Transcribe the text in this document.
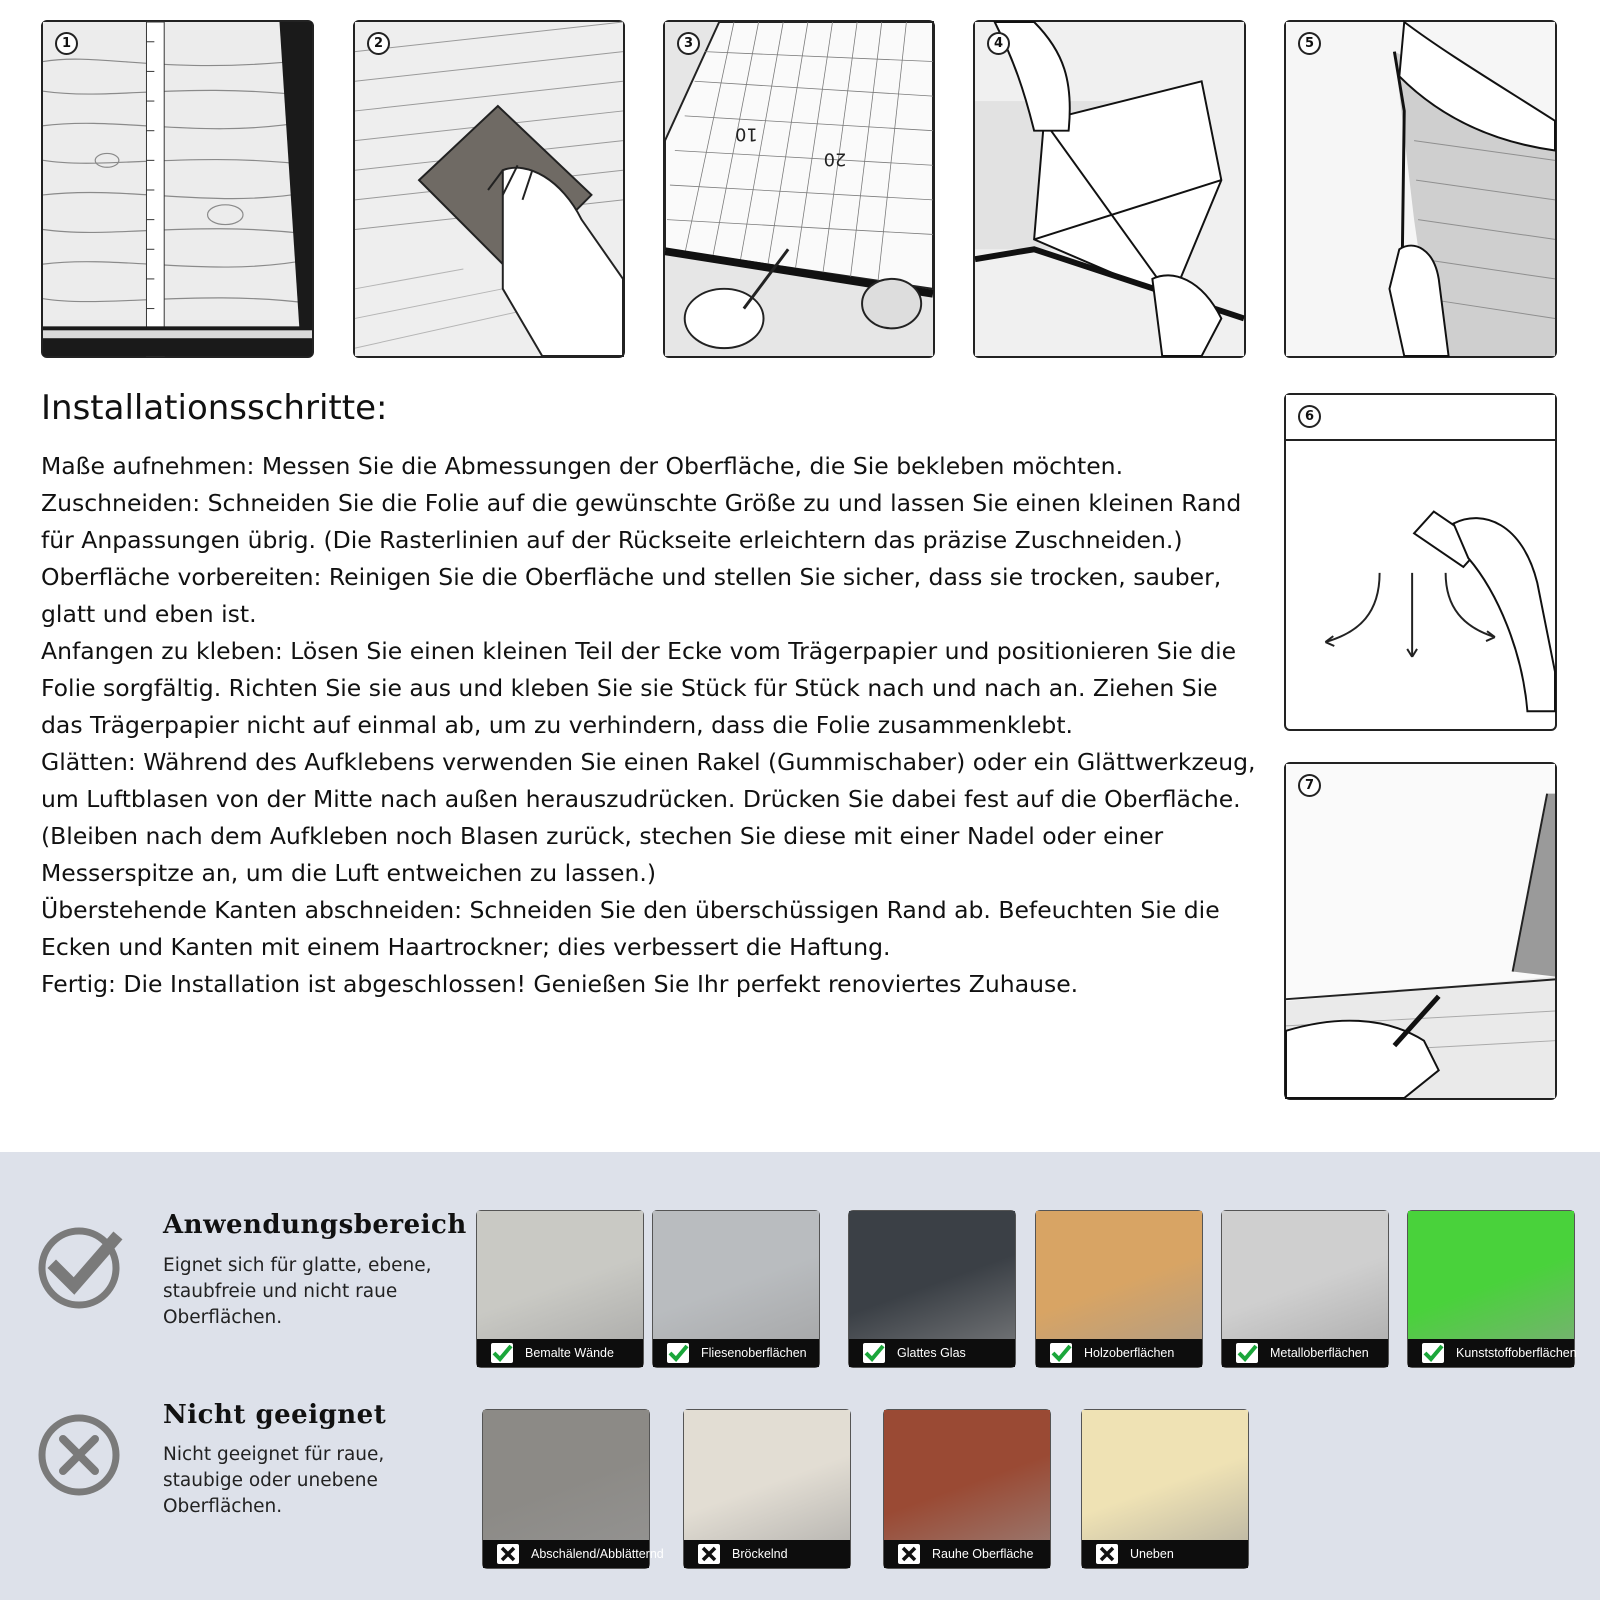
1	2
10
20
3	4	5
6
7
Installationsschritte:

Maße aufnehmen: Messen Sie die Abmessungen der Oberfläche, die Sie bekleben möchten.

Zuschneiden: Schneiden Sie die Folie auf die gewünschte Größe zu und lassen Sie einen kleinen Rand für Anpassungen übrig. (Die Rasterlinien auf der Rückseite erleichtern das präzise Zuschneiden.)

Oberfläche vorbereiten: Reinigen Sie die Oberfläche und stellen Sie sicher, dass sie trocken, sauber, glatt und eben ist.

Anfangen zu kleben: Lösen Sie einen kleinen Teil der Ecke vom Trägerpapier und positionieren Sie die Folie sorgfältig. Richten Sie sie aus und kleben Sie sie Stück für Stück nach und nach an. Ziehen Sie das Trägerpapier nicht auf einmal ab, um zu verhindern, dass die Folie zusammenklebt.

Glätten: Während des Aufklebens verwenden Sie einen Rakel (Gummischaber) oder ein Glättwerkzeug, um Luftblasen von der Mitte nach außen herauszudrücken. Drücken Sie dabei fest auf die Oberfläche. (Bleiben nach dem Aufkleben noch Blasen zurück, stechen Sie diese mit einer Nadel oder einer Messerspitze an, um die Luft entweichen zu lassen.)

Überstehende Kanten abschneiden: Schneiden Sie den überschüssigen Rand ab. Befeuchten Sie die Ecken und Kanten mit einem Haartrockner; dies verbessert die Haftung.

Fertig: Die Installation ist abgeschlossen! Genießen Sie Ihr perfekt renoviertes Zuhause.

Anwendungsbereich
Eignet sich für glatte, ebene, staubfreie und nicht raue Oberflächen.
Bemalte Wände	Fliesenoberflächen	Glattes Glas	Holzoberflächen	Metalloberflächen	Kunststoffoberflächen
Nicht geeignet
Nicht geeignet für raue, staubige oder unebene Oberflächen.
Abschälend/Abblätternd	Bröckelnd	Rauhe Oberfläche	Uneben
